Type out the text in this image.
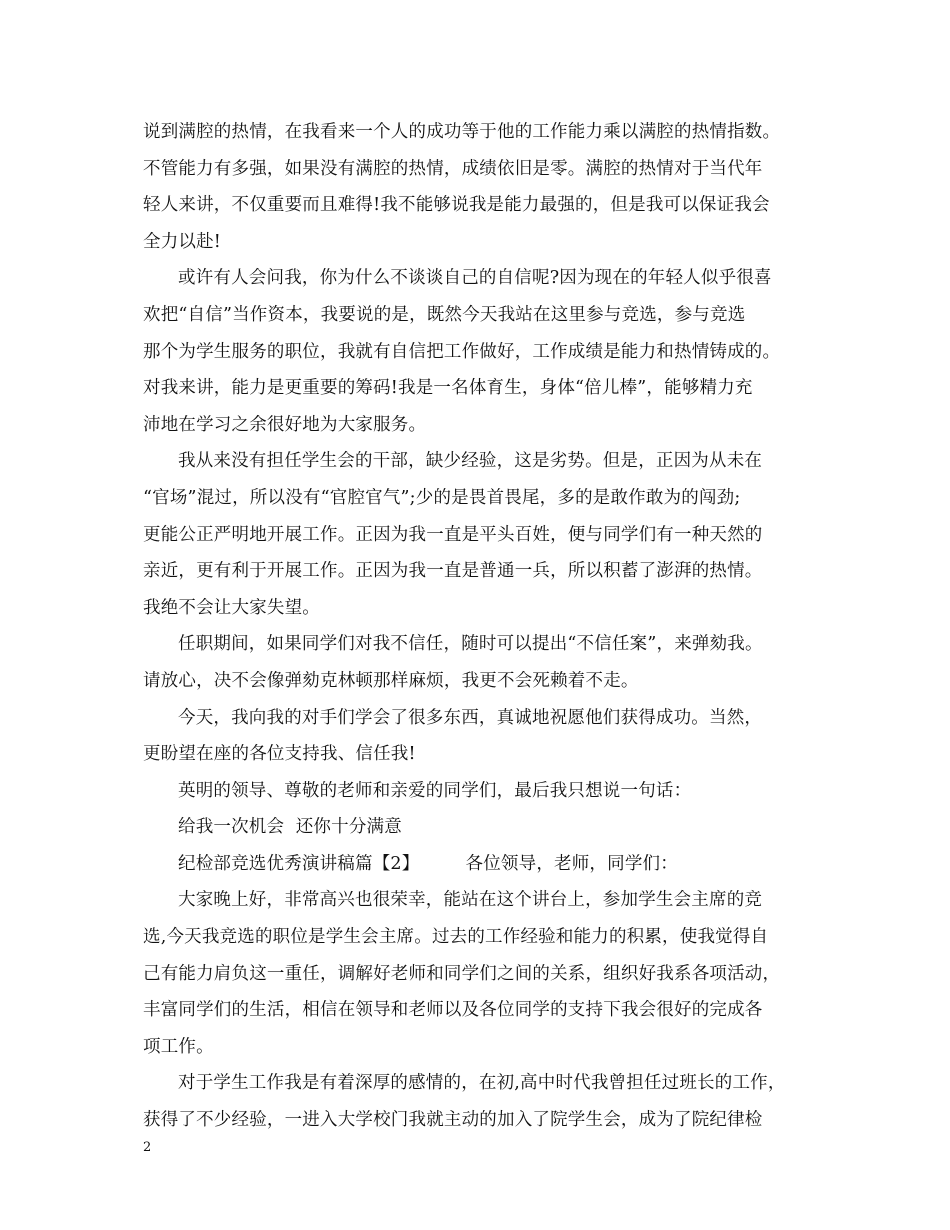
说到满腔的热情，在我看来一个人的成功等于他的工作能力乘以满腔的热情指数。
不管能力有多强，如果没有满腔的热情，成绩依旧是零。满腔的热情对于当代年
轻人来讲，不仅重要而且难得!我不能够说我是能力最强的，但是我可以保证我会
全力以赴!
或许有人会问我，你为什么不谈谈自己的自信呢?因为现在的年轻人似乎很喜
欢把“自信”当作资本，我要说的是，既然今天我站在这里参与竞选，参与竞选
那个为学生服务的职位，我就有自信把工作做好，工作成绩是能力和热情铸成的。
对我来讲，能力是更重要的筹码!我是一名体育生，身体“倍儿棒”，能够精力充
沛地在学习之余很好地为大家服务。
我从来没有担任学生会的干部，缺少经验，这是劣势。但是，正因为从未在
“官场”混过，所以没有“官腔官气”;少的是畏首畏尾，多的是敢作敢为的闯劲;
更能公正严明地开展工作。正因为我一直是平头百姓，便与同学们有一种天然的
亲近，更有利于开展工作。正因为我一直是普通一兵，所以积蓄了澎湃的热情。
我绝不会让大家失望。
任职期间，如果同学们对我不信任，随时可以提出“不信任案”，来弹劾我。
请放心，决不会像弹劾克林顿那样麻烦，我更不会死赖着不走。
今天，我向我的对手们学会了很多东西，真诚地祝愿他们获得成功。当然，
更盼望在座的各位支持我、信任我!
英明的领导、尊敬的老师和亲爱的同学们，最后我只想说一句话：
给我一次机会  还你十分满意
纪检部竞选优秀演讲稿篇【2】        各位领导，老师，同学们：
大家晚上好，非常高兴也很荣幸，能站在这个讲台上，参加学生会主席的竞
选,今天我竞选的职位是学生会主席。过去的工作经验和能力的积累，使我觉得自
己有能力肩负这一重任，调解好老师和同学们之间的关系，组织好我系各项活动，
丰富同学们的生活，相信在领导和老师以及各位同学的支持下我会很好的完成各
项工作。
对于学生工作我是有着深厚的感情的，在初,高中时代我曾担任过班长的工作，
获得了不少经验，一进入大学校门我就主动的加入了院学生会，成为了院纪律检
2
